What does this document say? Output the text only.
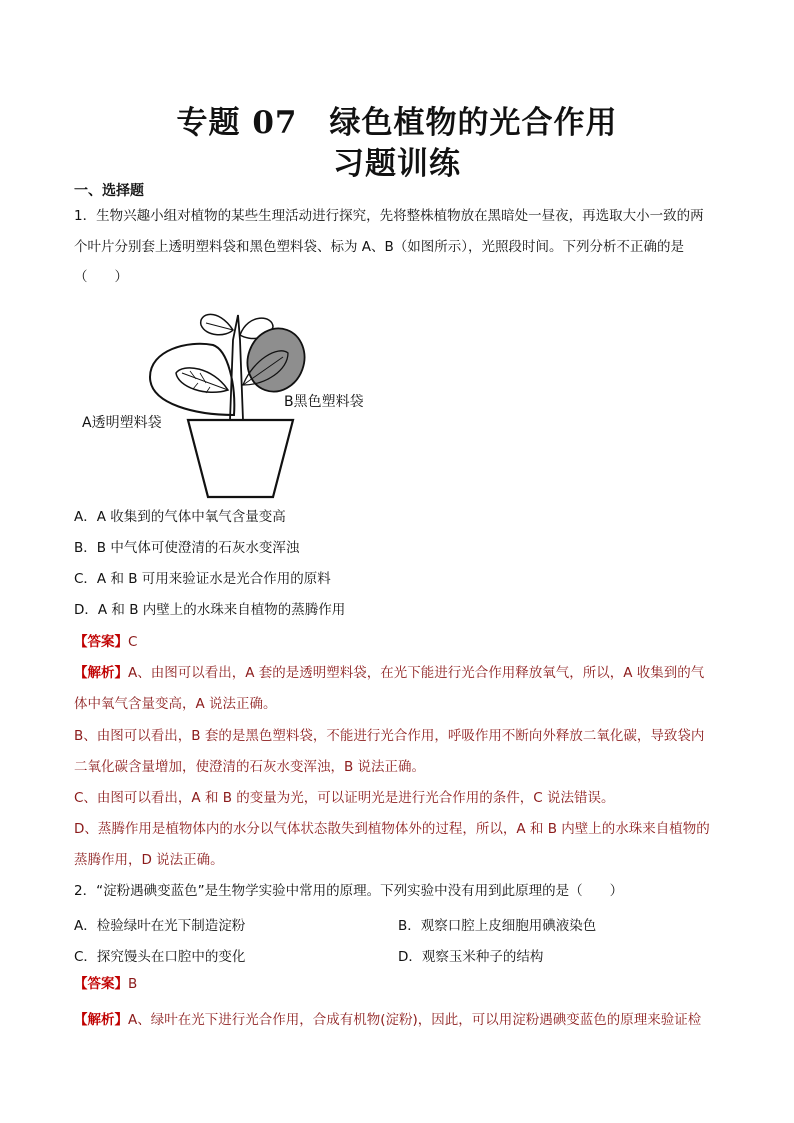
专题 07　绿色植物的光合作用
习题训练
一、选择题
1．生物兴趣小组对植物的某些生理活动进行探究，先将整株植物放在黑暗处一昼夜，再选取大小一致的两
个叶片分别套上透明塑料袋和黑色塑料袋、标为 A、B（如图所示），光照段时间。下列分析不正确的是
（　　）
A透明塑料袋
B黑色塑料袋
A．A 收集到的气体中氧气含量变高
B．B 中气体可使澄清的石灰水变浑浊
C．A 和 B 可用来验证水是光合作用的原料
D．A 和 B 内壁上的水珠来自植物的蒸腾作用
【答案】C
【解析】A、由图可以看出，A 套的是透明塑料袋，在光下能进行光合作用释放氧气，所以，A 收集到的气
体中氧气含量变高，A 说法正确。
B、由图可以看出，B 套的是黑色塑料袋，不能进行光合作用，呼吸作用不断向外释放二氧化碳，导致袋内
二氧化碳含量增加，使澄清的石灰水变浑浊，B 说法正确。
C、由图可以看出，A 和 B 的变量为光，可以证明光是进行光合作用的条件，C 说法错误。
D、蒸腾作用是植物体内的水分以气体状态散失到植物体外的过程，所以，A 和 B 内壁上的水珠来自植物的
蒸腾作用，D 说法正确。
2．“淀粉遇碘变蓝色”是生物学实验中常用的原理。下列实验中没有用到此原理的是（　　）
A．检验绿叶在光下制造淀粉	B．观察口腔上皮细胞用碘液染色
C．探究馒头在口腔中的变化	D．观察玉米种子的结构
【答案】B
【解析】A、绿叶在光下进行光合作用，合成有机物(淀粉)，因此，可以用淀粉遇碘变蓝色的原理来验证检
